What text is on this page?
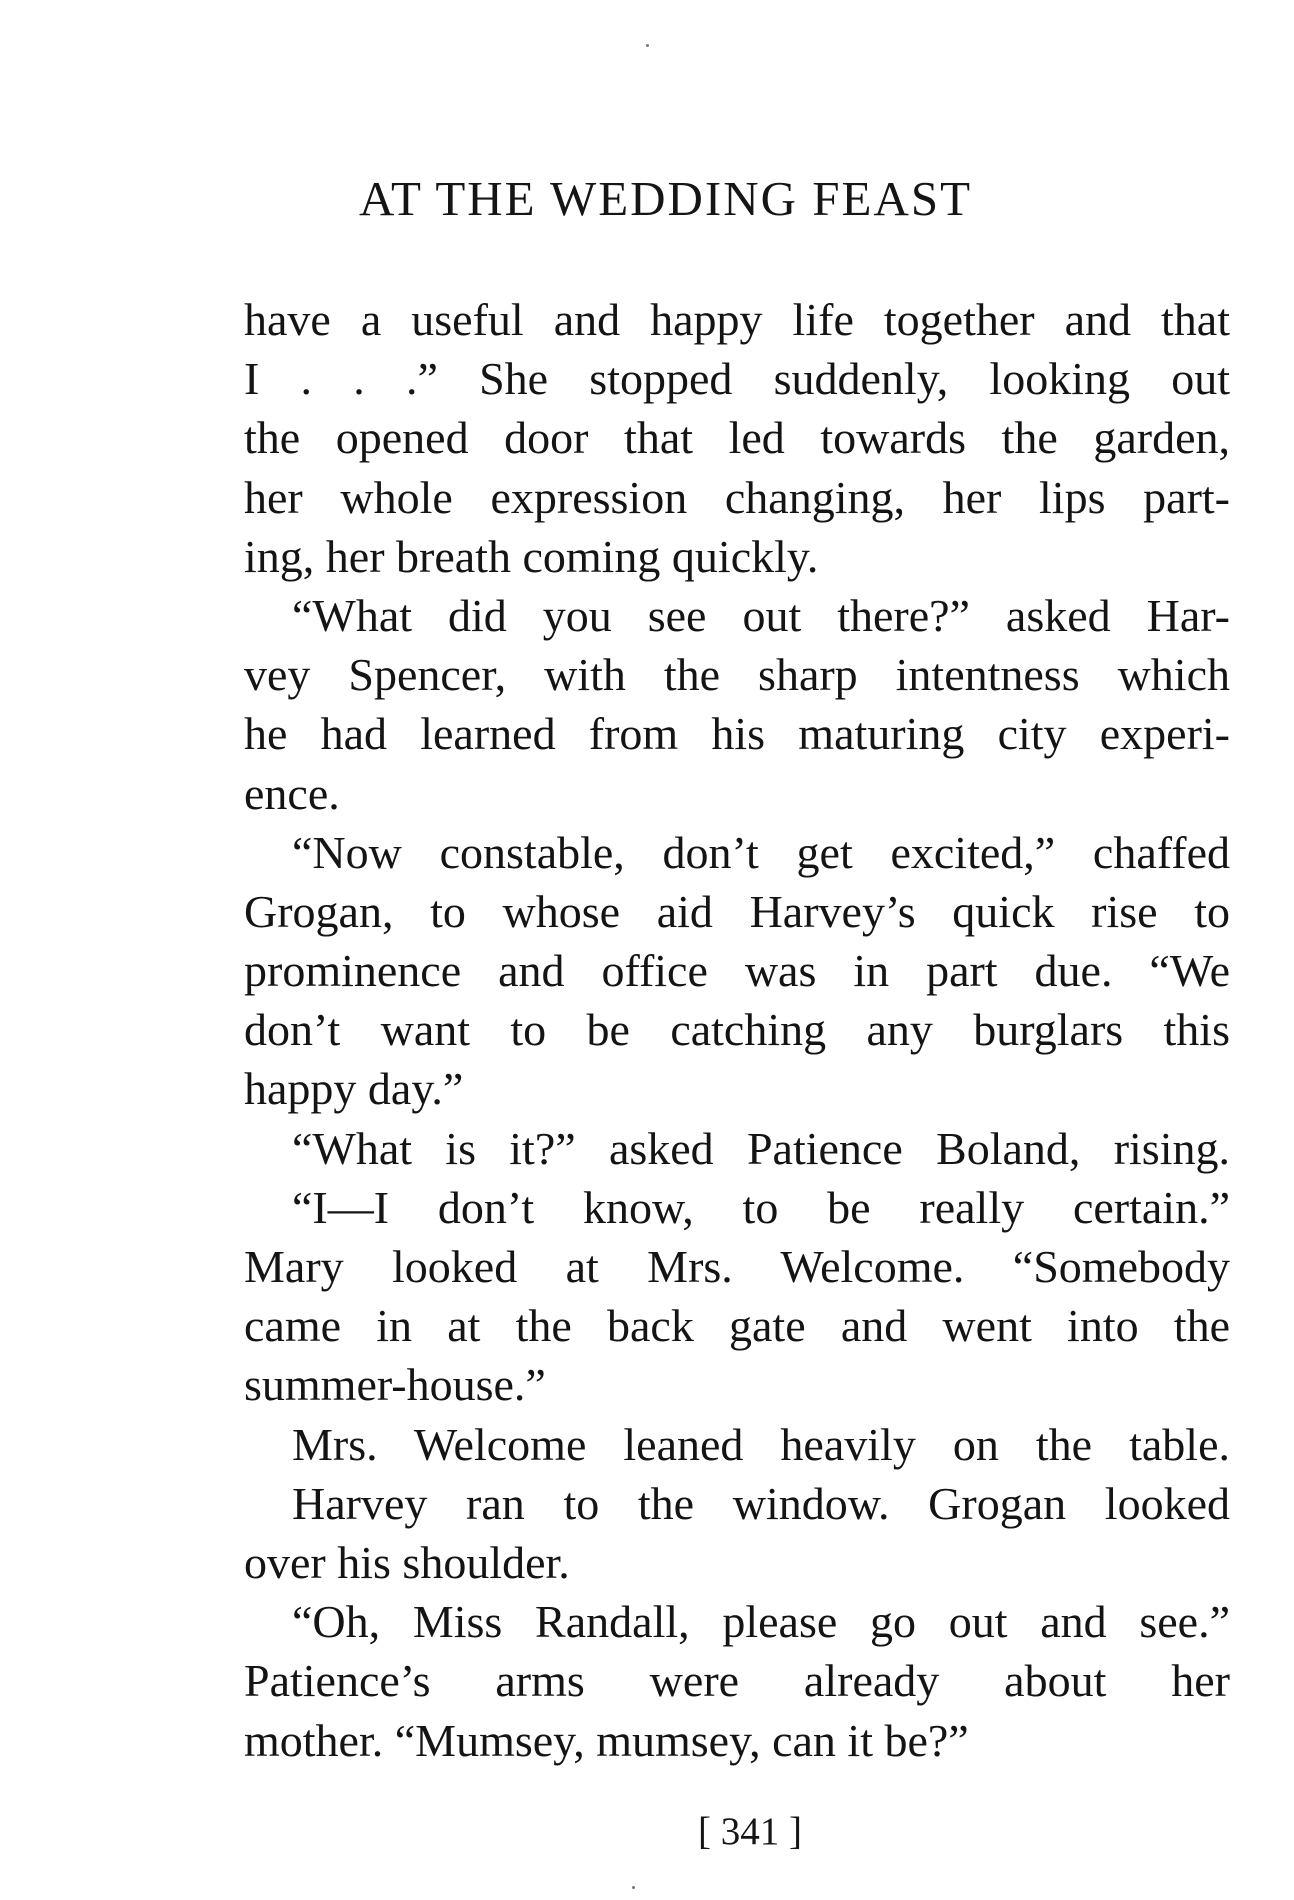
AT THE WEDDING FEAST
have a useful and happy life together and that
I . . .” She stopped suddenly, looking out
the opened door that led towards the garden,
her whole expression changing, her lips part-
ing, her breath coming quickly.
“What did you see out there?” asked Har-
vey Spencer, with the sharp intentness which
he had learned from his maturing city experi-
ence.
“Now constable, don’t get excited,” chaffed
Grogan, to whose aid Harvey’s quick rise to
prominence and office was in part due. “We
don’t want to be catching any burglars this
happy day.”
“What is it?” asked Patience Boland, rising.
“I—I don’t know, to be really certain.”
Mary looked at Mrs. Welcome. “Somebody
came in at the back gate and went into the
summer-house.”
Mrs. Welcome leaned heavily on the table.
Harvey ran to the window. Grogan looked
over his shoulder.
“Oh, Miss Randall, please go out and see.”
Patience’s arms were already about her
mother. “Mumsey, mumsey, can it be?”
[ 341 ]
